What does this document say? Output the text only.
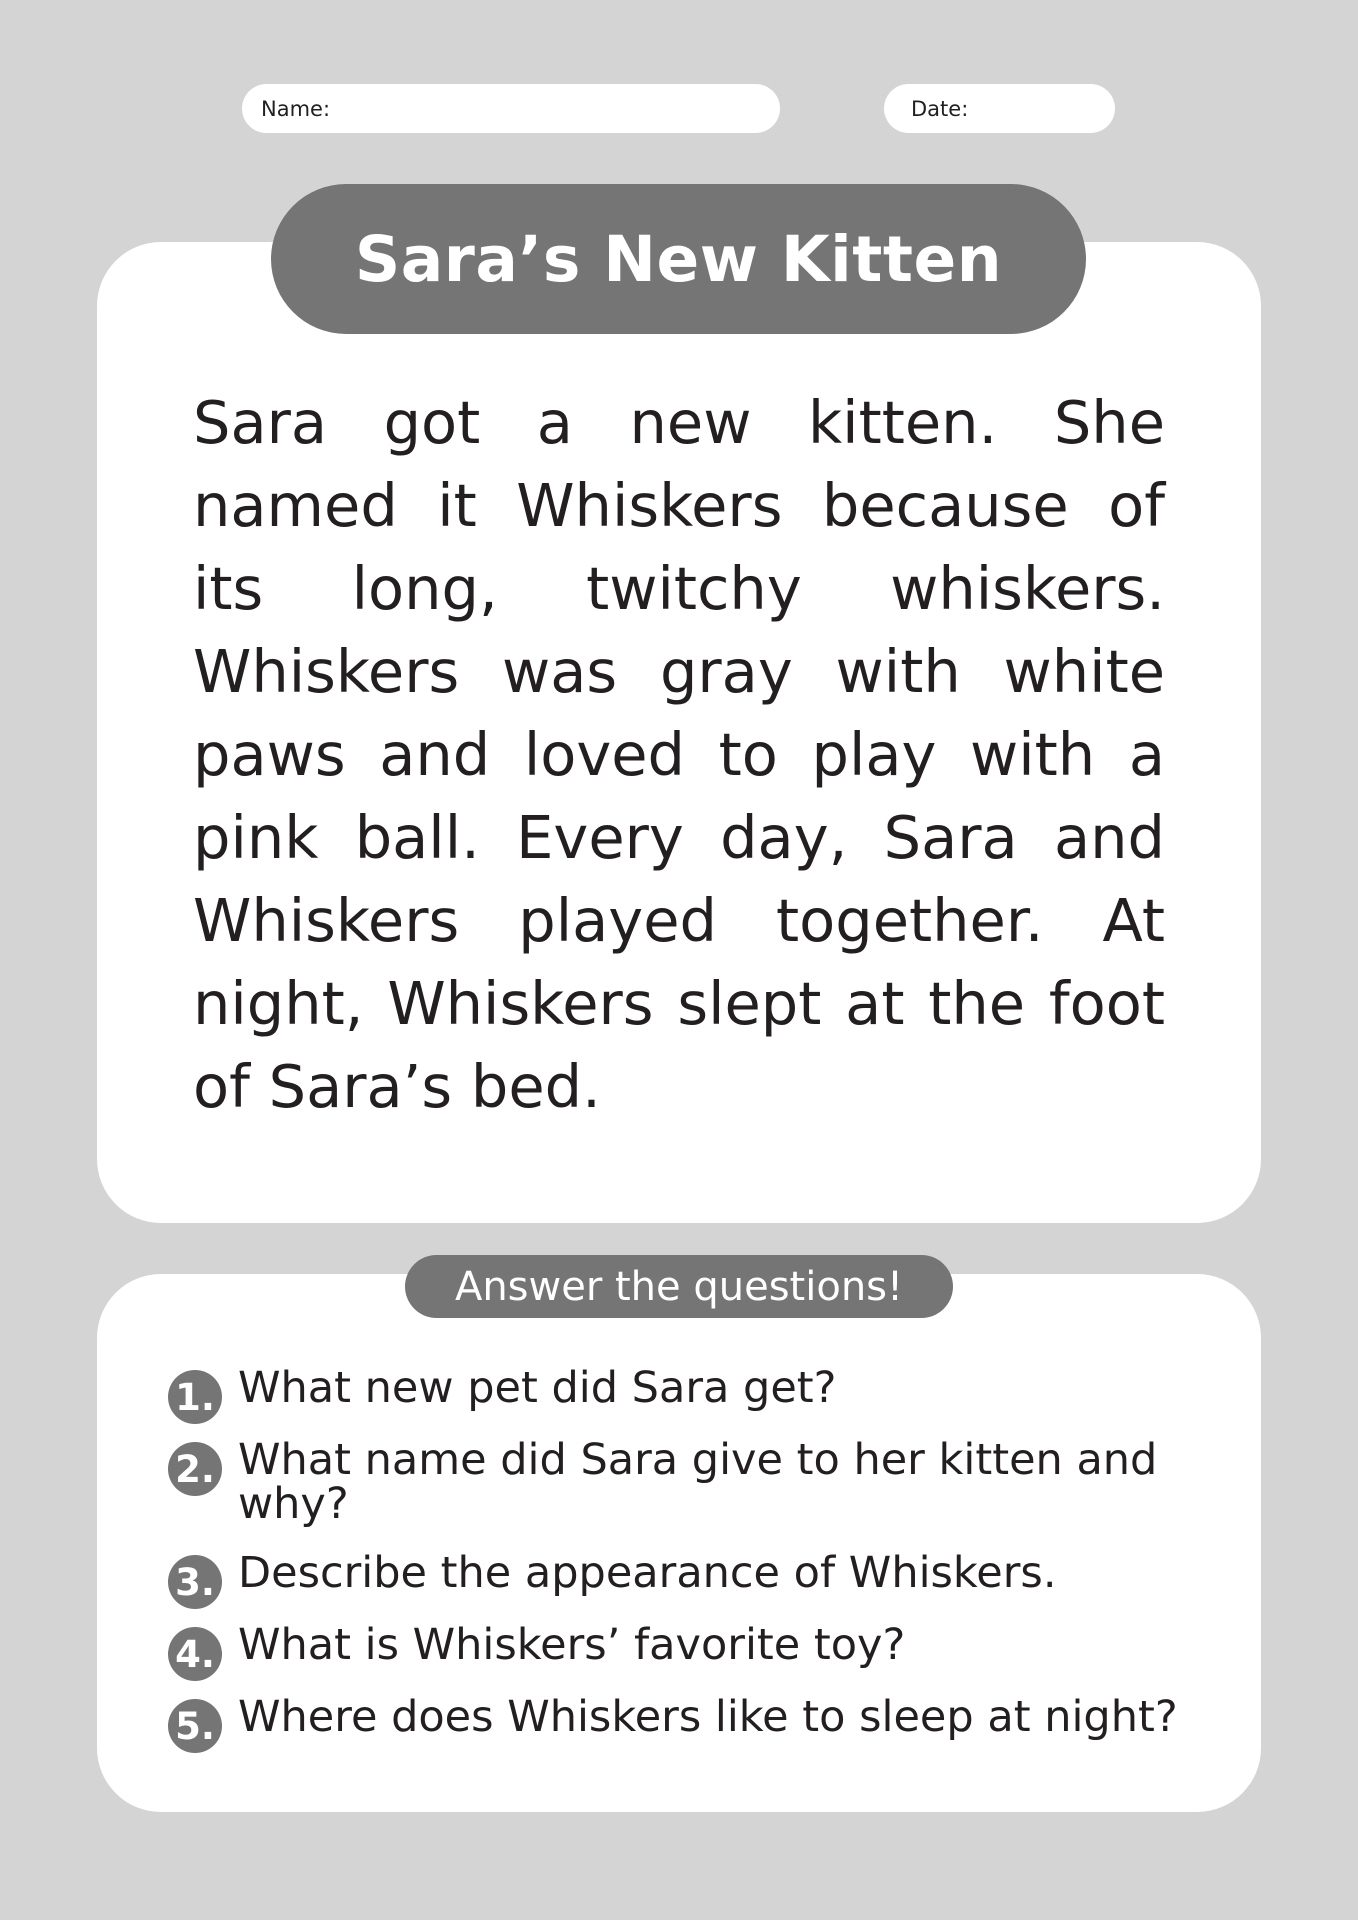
Name:	Date:
Sara’s New Kitten

Sara got a new kitten. She named it Whiskers because of its long, twitchy whiskers. Whiskers was gray with white paws and loved to play with a pink ball. Every day, Sara and Whiskers played together. At night, Whiskers slept at the foot of Sara’s bed.

Answer the questions!
1. What new pet did Sara get?
2. What name did Sara give to her kitten and why?
3. Describe the appearance of Whiskers.
4. What is Whiskers’ favorite toy?
5. Where does Whiskers like to sleep at night?
